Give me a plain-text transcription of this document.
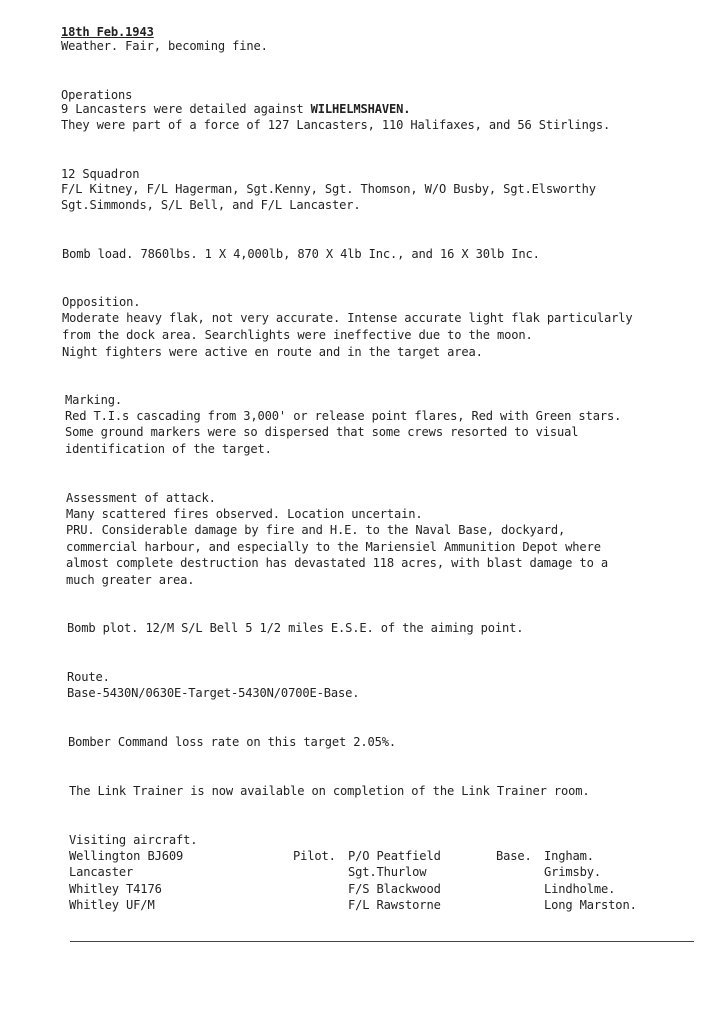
18th Feb.1943
Weather. Fair, becoming fine.
Operations
9 Lancasters were detailed against WILHELMSHAVEN.
They were part of a force of 127 Lancasters, 110 Halifaxes, and 56 Stirlings.
12 Squadron
F/L Kitney, F/L Hagerman, Sgt.Kenny, Sgt. Thomson, W/O Busby, Sgt.Elsworthy
Sgt.Simmonds, S/L Bell, and F/L Lancaster.
Bomb load. 7860lbs. 1 X 4,000lb, 870 X 4lb Inc., and 16 X 30lb Inc.
Opposition.
Moderate heavy flak, not very accurate. Intense accurate light flak particularly
from the dock area. Searchlights were ineffective due to the moon.
Night fighters were active en route and in the target area.
Marking.
Red T.I.s cascading from 3,000' or release point flares, Red with Green stars.
Some ground markers were so dispersed that some crews resorted to visual
identification of the target.
Assessment of attack.
Many scattered fires observed. Location uncertain.
PRU. Considerable damage by fire and H.E. to the Naval Base, dockyard,
commercial harbour, and especially to the Mariensiel Ammunition Depot where
almost complete destruction has devastated 118 acres, with blast damage to a
much greater area.
Bomb plot. 12/M S/L Bell 5 1/2 miles E.S.E. of the aiming point.
Route.
Base-5430N/0630E-Target-5430N/0700E-Base.
Bomber Command loss rate on this target 2.05%.
The Link Trainer is now available on completion of the Link Trainer room.
Visiting aircraft.
Wellington BJ609	Pilot. P/O Peatfield	Base. Ingham.
Lancaster	Sgt.Thurlow	Grimsby.
Whitley T4176	F/S Blackwood	Lindholme.
Whitley UF/M	F/L Rawstorne	Long Marston.
